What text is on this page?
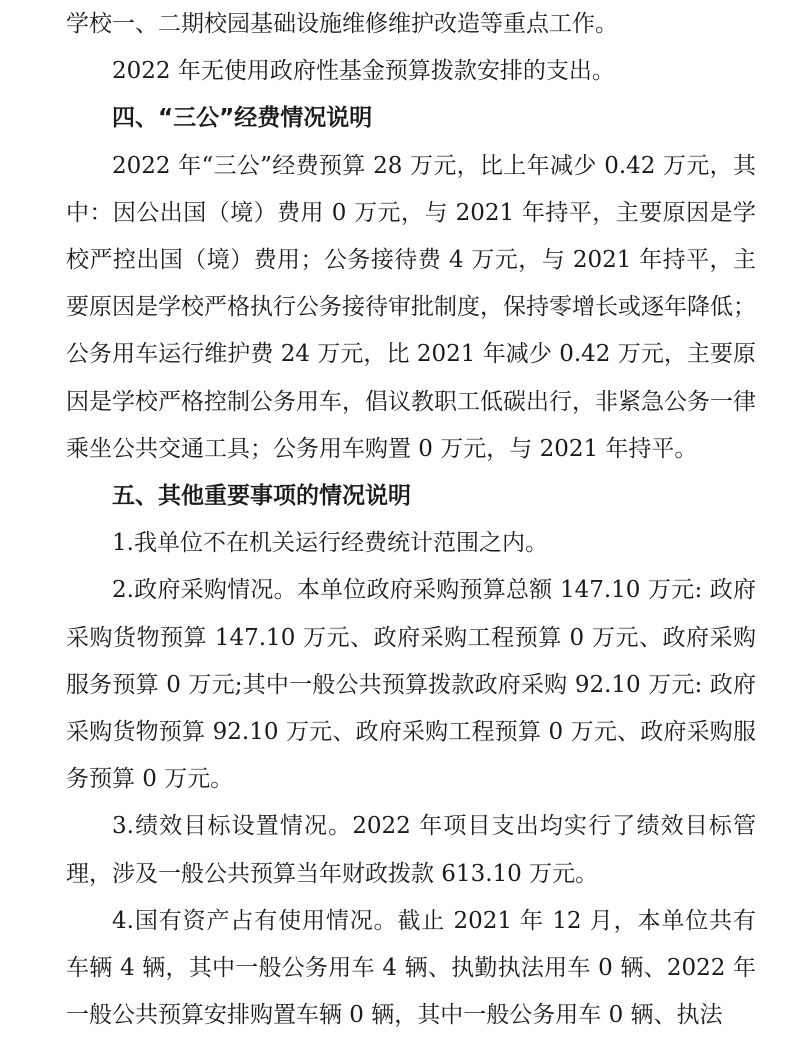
学校一、二期校园基础设施维修维护改造等重点工作。

2022 年无使用政府性基金预算拨款安排的支出。

四、“三公”经费情况说明

2022 年“三公”经费预算 28 万元，比上年减少 0.42 万元，其中：因公出国（境）费用 0 万元，与 2021 年持平，主要原因是学校严控出国（境）费用；公务接待费 4 万元，与 2021 年持平，主要原因是学校严格执行公务接待审批制度，保持零增长或逐年降低；公务用车运行维护费 24 万元，比 2021 年减少 0.42 万元，主要原因是学校严格控制公务用车，倡议教职工低碳出行，非紧急公务一律乘坐公共交通工具；公务用车购置 0 万元，与 2021 年持平。

五、其他重要事项的情况说明

1.我单位不在机关运行经费统计范围之内。

2.政府采购情况。本单位政府采购预算总额 147.10 万元: 政府采购货物预算 147.10 万元、政府采购工程预算 0 万元、政府采购服务预算 0 万元;其中一般公共预算拨款政府采购 92.10 万元: 政府采购货物预算 92.10 万元、政府采购工程预算 0 万元、政府采购服务预算 0 万元。

3.绩效目标设置情况。2022 年项目支出均实行了绩效目标管理，涉及一般公共预算当年财政拨款 613.10 万元。

4.国有资产占有使用情况。截止 2021 年 12 月，本单位共有车辆 4 辆，其中一般公务用车 4 辆、执勤执法用车 0 辆、2022 年一般公共预算安排购置车辆 0 辆，其中一般公务用车 0 辆、执法
